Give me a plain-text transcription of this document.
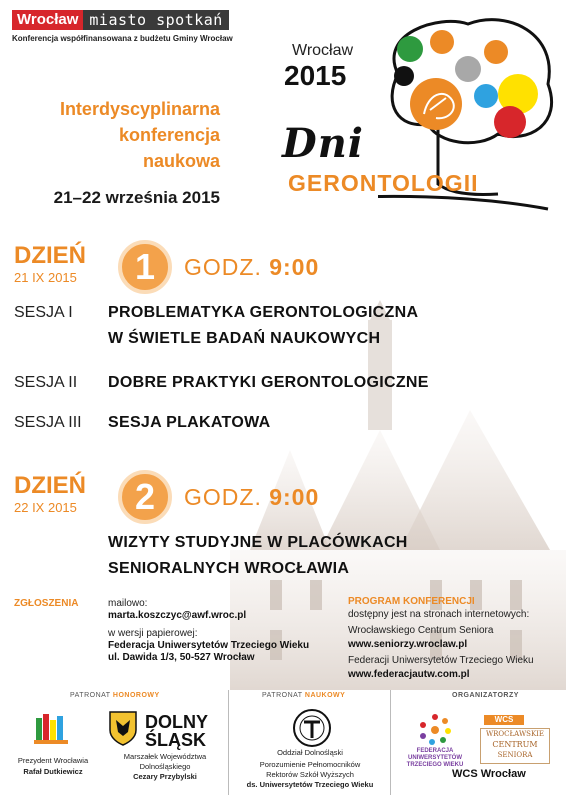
Wrocław miasto spotkań
Konferencja współfinansowana z budżetu Gminy Wrocław
Interdyscyplinarna
konferencja
naukowa
21–22 września 2015
Wrocław
2015
Dni
GERONTOLOGII
DZIEŃ
21 IX 2015	1	GODZ. 9:00
SESJA I PROBLEMATYKA GERONTOLOGICZNA
W ŚWIETLE BADAŃ NAUKOWYCH
SESJA II DOBRE PRAKTYKI GERONTOLOGICZNE
SESJA III SESJA PLAKATOWA
DZIEŃ
22 IX 2015	2	GODZ. 9:00
WIZYTY STUDYJNE W PLACÓWKACH
SENIORALNYCH WROCŁAWIA
ZGŁOSZENIA	mailowo:
marta.koszczyc@awf.wroc.pl
w wersji papierowej:
Federacja Uniwersytetów Trzeciego Wieku
ul. Dawida 1/3, 50-527 Wrocław
PROGRAM KONFERENCJI
dostępny jest na stronach internetowych:
Wrocławskiego Centrum Seniora
www.seniorzy.wroclaw.pl
Federacji Uniwersytetów Trzeciego Wieku
www.federacjautw.com.pl
PATRONAT HONOROWY	PATRONAT NAUKOWY	ORGANIZATORZY
Prezydent Wrocławia
Rafał Dutkiewicz
DOLNY
ŚLĄSK
Marszałek Województwa
Dolnośląskiego
Cezary Przybylski
Oddział Dolnośląski
Porozumienie Pełnomocników
Rektorów Szkół Wyższych
ds. Uniwersytetów Trzeciego Wieku
FEDERACJA
UNIWERSYTETÓW
TRZECIEGO WIEKU
WCS
WROCŁAWSKIE
CENTRUM
SENIORA
WCS Wrocław
